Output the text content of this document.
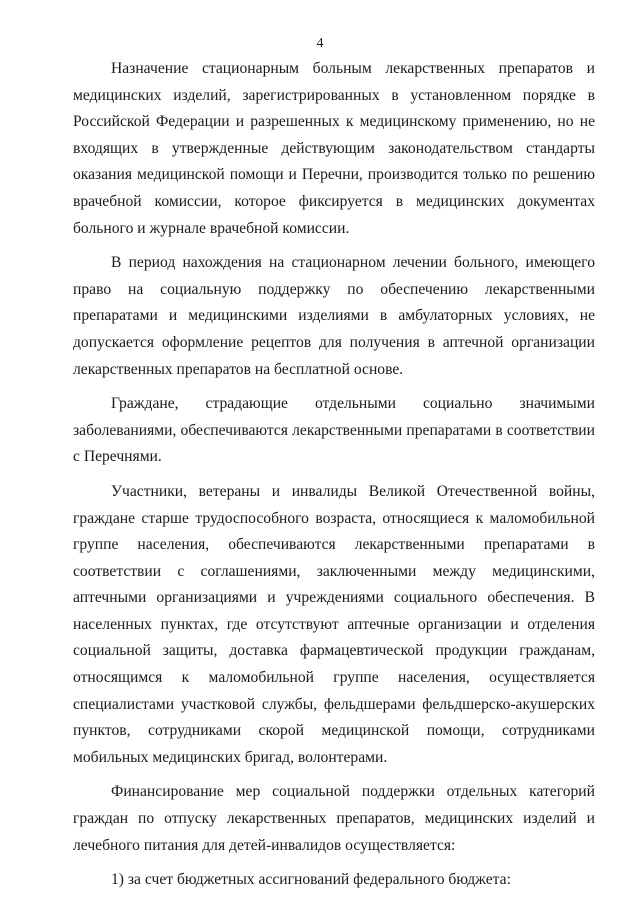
4

Назначение стационарным больным лекарственных препаратов и медицинских изделий, зарегистрированных в установленном порядке в Российской Федерации и разрешенных к медицинскому применению, но не входящих в утвержденные действующим законодательством стандарты оказания медицинской помощи и Перечни, производится только по решению врачебной комиссии, которое фиксируется в медицинских документах больного и журнале врачебной комиссии.

В период нахождения на стационарном лечении больного, имеющего право на социальную поддержку по обеспечению лекарственными препаратами и медицинскими изделиями в амбулаторных условиях, не допускается оформление рецептов для получения в аптечной организации лекарственных препаратов на бесплатной основе.

Граждане, страдающие отдельными социально значимыми заболеваниями, обеспечиваются лекарственными препаратами в соответствии с Перечнями.

Участники, ветераны и инвалиды Великой Отечественной войны, граждане старше трудоспособного возраста, относящиеся к маломобильной группе населения, обеспечиваются лекарственными препаратами в соответствии с соглашениями, заключенными между медицинскими, аптечными организациями и учреждениями социального обеспечения. В населенных пунктах, где отсутствуют аптечные организации и отделения социальной защиты, доставка фармацевтической продукции гражданам, относящимся к маломобильной группе населения, осуществляется специалистами участковой службы, фельдшерами фельдшерско-акушерских пунктов, сотрудниками скорой медицинской помощи, сотрудниками мобильных медицинских бригад, волонтерами.

Финансирование мер социальной поддержки отдельных категорий граждан по отпуску лекарственных препаратов, медицинских изделий и лечебного питания для детей-инвалидов осуществляется:

1) за счет бюджетных ассигнований федерального бюджета:
